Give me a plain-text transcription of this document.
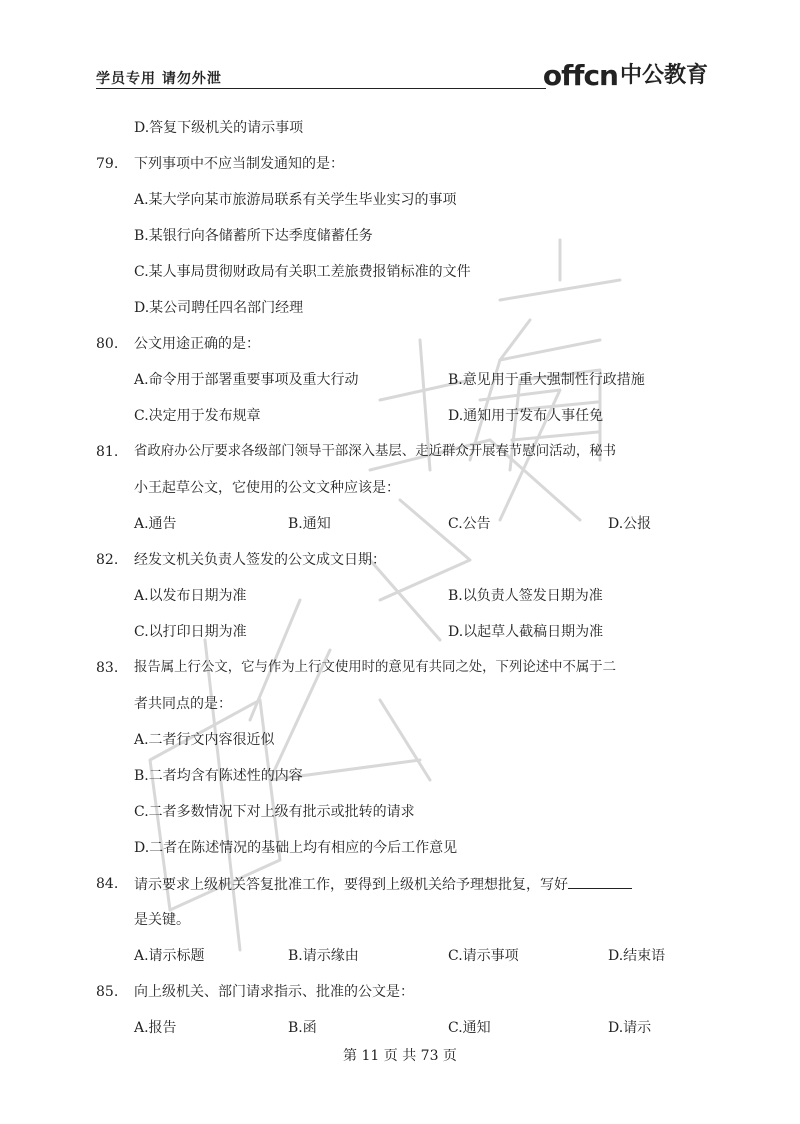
学员专用 请勿外泄	offcn 中公教育
D.答复下级机关的请示事项
79. 下列事项中不应当制发通知的是：
A.某大学向某市旅游局联系有关学生毕业实习的事项
B.某银行向各储蓄所下达季度储蓄任务
C.某人事局贯彻财政局有关职工差旅费报销标准的文件
D.某公司聘任四名部门经理
80. 公文用途正确的是：
A.命令用于部署重要事项及重大行动	B.意见用于重大强制性行政措施
C.决定用于发布规章	D.通知用于发布人事任免
81. 省政府办公厅要求各级部门领导干部深入基层、走近群众开展春节慰问活动，秘书
小王起草公文，它使用的公文文种应该是：
A.通告	B.通知	C.公告	D.公报
82. 经发文机关负责人签发的公文成文日期：
A.以发布日期为准	B.以负责人签发日期为准
C.以打印日期为准	D.以起草人截稿日期为准
83. 报告属上行公文，它与作为上行文使用时的意见有共同之处，下列论述中不属于二
者共同点的是：
A.二者行文内容很近似
B.二者均含有陈述性的内容
C.二者多数情况下对上级有批示或批转的请求
D.二者在陈述情况的基础上均有相应的今后工作意见
84. 请示要求上级机关答复批准工作，要得到上级机关给予理想批复，写好
是关键。
A.请示标题	B.请示缘由	C.请示事项	D.结束语
85. 向上级机关、部门请求指示、批准的公文是：
A.报告	B.函	C.通知	D.请示
第 11 页 共 73 页
